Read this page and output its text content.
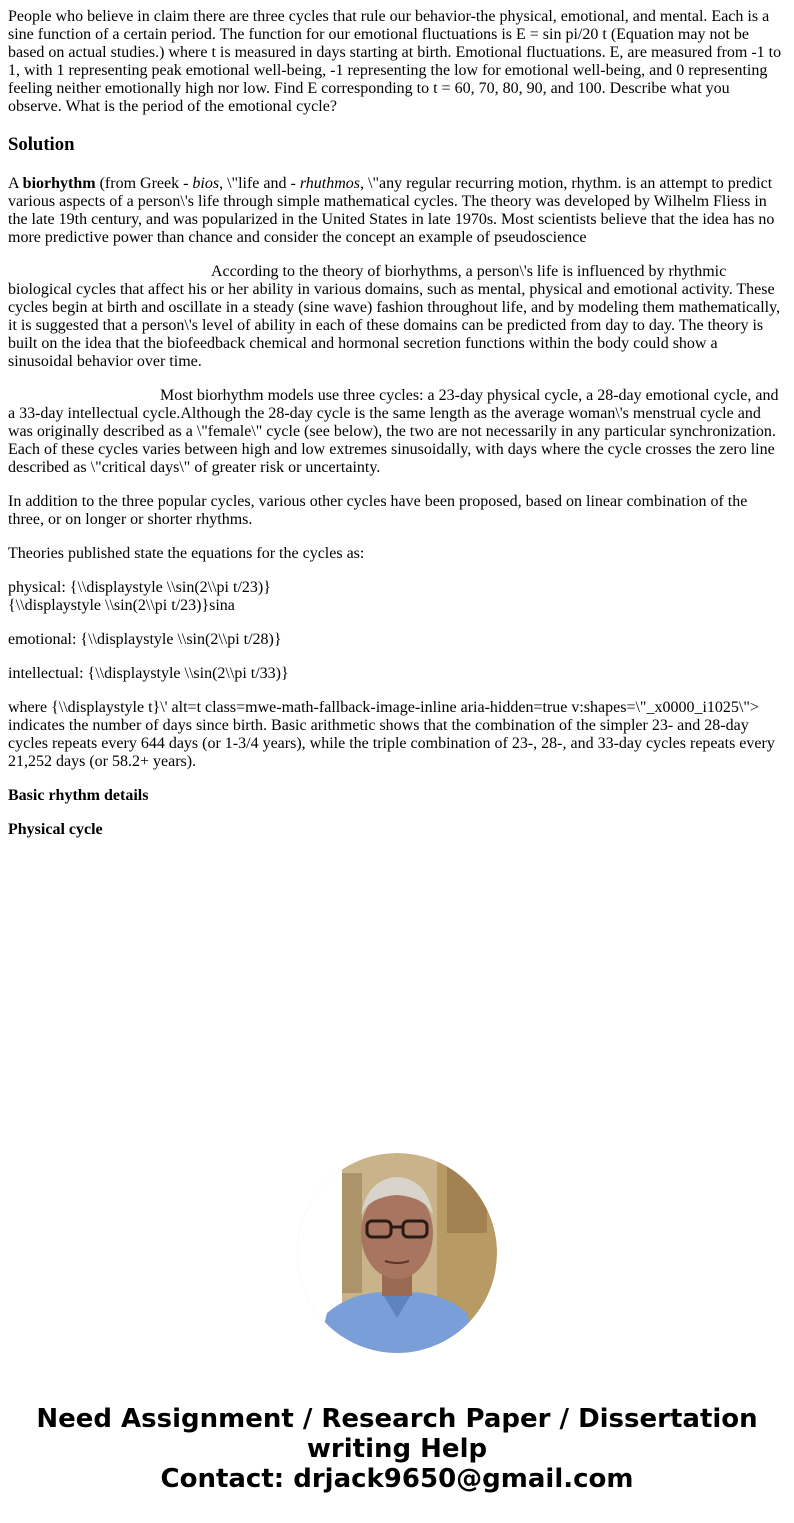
People who believe in claim there are three cycles that rule our behavior-the physical, emotional, and mental. Each is a sine function of a certain period. The function for our emotional fluctuations is E = sin pi/20 t (Equation may not be based on actual studies.) where t is measured in days starting at birth. Emotional fluctuations. E, are measured from -1 to 1, with 1 representing peak emotional well-being, -1 representing the low for emotional well-being, and 0 representing feeling neither emotionally high nor low. Find E corresponding to t = 60, 70, 80, 90, and 100. Describe what you observe. What is the period of the emotional cycle?

Solution

A biorhythm (from Greek - bios, \"life and - rhuthmos, \"any regular recurring motion, rhythm. is an attempt to predict various aspects of a person\'s life through simple mathematical cycles. The theory was developed by Wilhelm Fliess in the late 19th century, and was popularized in the United States in late 1970s. Most scientists believe that the idea has no more predictive power than chance and consider the concept an example of pseudoscience

According to the theory of biorhythms, a person\'s life is influenced by rhythmic biological cycles that affect his or her ability in various domains, such as mental, physical and emotional activity. These cycles begin at birth and oscillate in a steady (sine wave) fashion throughout life, and by modeling them mathematically, it is suggested that a person\'s level of ability in each of these domains can be predicted from day to day. The theory is built on the idea that the biofeedback chemical and hormonal secretion functions within the body could show a sinusoidal behavior over time.

Most biorhythm models use three cycles: a 23-day physical cycle, a 28-day emotional cycle, and a 33-day intellectual cycle.Although the 28-day cycle is the same length as the average woman\'s menstrual cycle and was originally described as a \"female\" cycle (see below), the two are not necessarily in any particular synchronization. Each of these cycles varies between high and low extremes sinusoidally, with days where the cycle crosses the zero line described as \"critical days\" of greater risk or uncertainty.

In addition to the three popular cycles, various other cycles have been proposed, based on linear combination of the three, or on longer or shorter rhythms.

Theories published state the equations for the cycles as:

physical: {\\displaystyle \\sin(2\\pi t/23)}
{\\displaystyle \\sin(2\\pi t/23)}sina

emotional: {\\displaystyle \\sin(2\\pi t/28)}

intellectual: {\\displaystyle \\sin(2\\pi t/33)}

where {\\displaystyle t}\' alt=t class=mwe-math-fallback-image-inline aria-hidden=true v:shapes=\"_x0000_i1025\"> indicates the number of days since birth. Basic arithmetic shows that the combination of the simpler 23- and 28-day cycles repeats every 644 days (or 1-3/4 years), while the triple combination of 23-, 28-, and 33-day cycles repeats every 21,252 days (or 58.2+ years).

Basic rhythm details

Physical cycle

Need Assignment / Research Paper / Dissertation
writing Help
Contact: drjack9650@gmail.com
